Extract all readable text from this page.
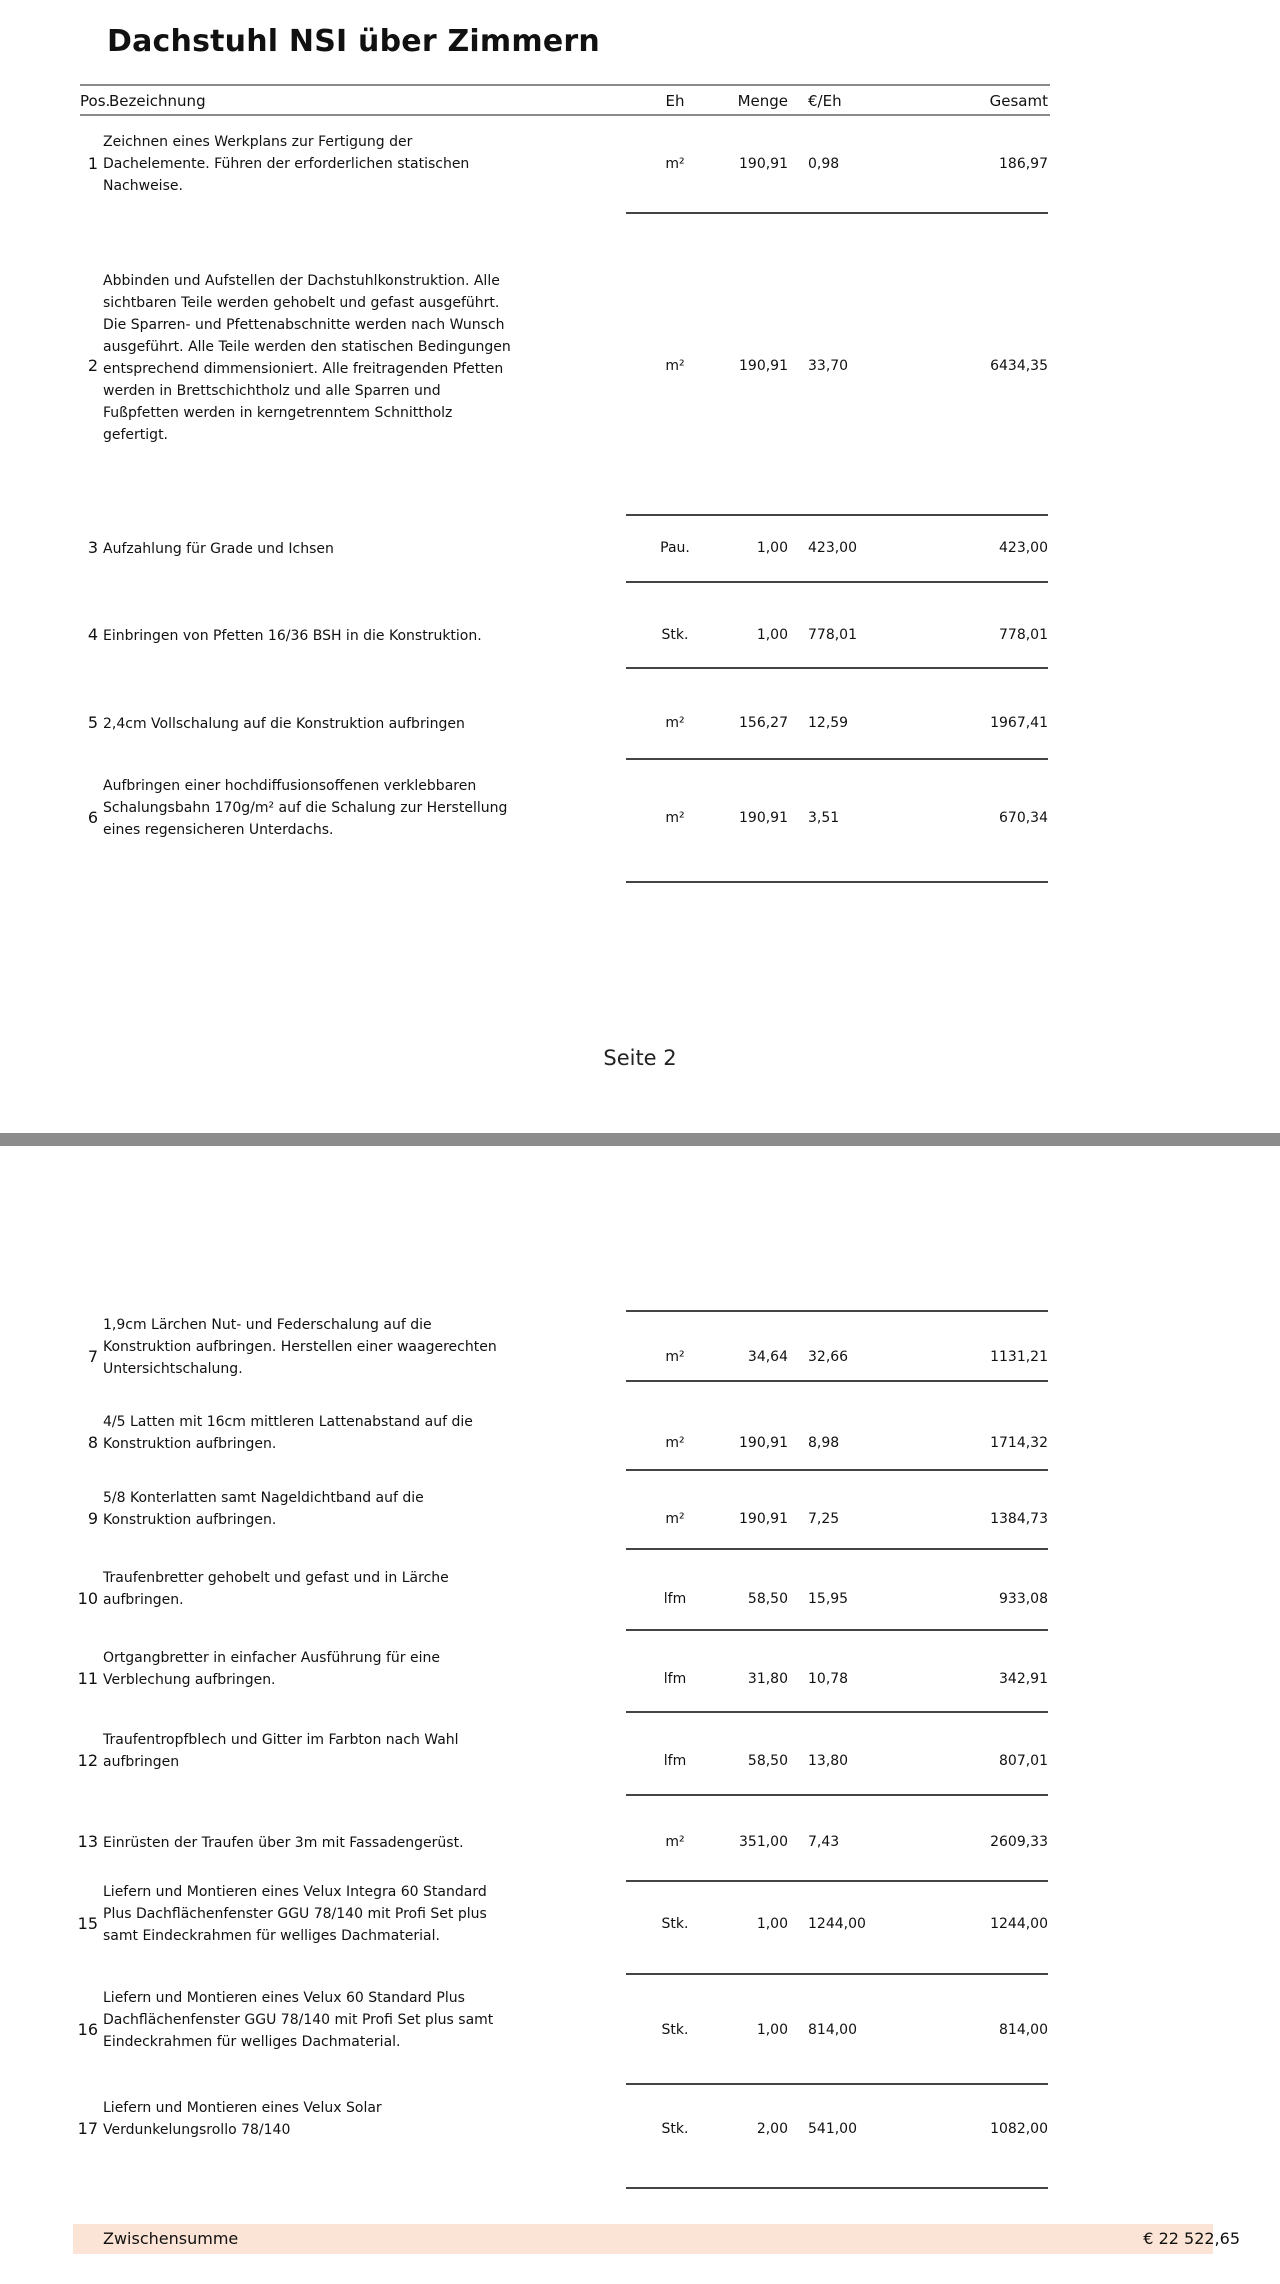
Dachstuhl NSI über Zimmern
Pos.
Bezeichnung	Eh	Menge €/Eh	Gesamt
1
Zeichnen eines Werkplans zur Fertigung der
Dachelemente. Führen der erforderlichen statischen
Nachweise.
m²	190,91 0,98	186,97
2
Abbinden und Aufstellen der Dachstuhlkonstruktion. Alle
sichtbaren Teile werden gehobelt und gefast ausgeführt.
Die Sparren- und Pfettenabschnitte werden nach Wunsch
ausgeführt. Alle Teile werden den statischen Bedingungen
entsprechend dimmensioniert. Alle freitragenden Pfetten
werden in Brettschichtholz und alle Sparren und
Fußpfetten werden in kerngetrenntem Schnittholz
gefertigt.
m²	190,91 33,70	6434,35
3 Aufzahlung für Grade und Ichsen	Pau.	1,00 423,00	423,00
4 Einbringen von Pfetten 16/36 BSH in die Konstruktion.	Stk.	1,00 778,01	778,01
5 2,4cm Vollschalung auf die Konstruktion aufbringen	m²	156,27 12,59	1967,41
6
Aufbringen einer hochdiffusionsoffenen verklebbaren
Schalungsbahn 170g/m² auf die Schalung zur Herstellung
eines regensicheren Unterdachs.
m²	190,91 3,51	670,34
7
1,9cm Lärchen Nut- und Federschalung auf die
Konstruktion aufbringen. Herstellen einer waagerechten
Untersichtschalung.
m²	34,64 32,66	1131,21
8
4/5 Latten mit 16cm mittleren Lattenabstand auf die
Konstruktion aufbringen.	m²	190,91 8,98	1714,32
9
5/8 Konterlatten samt Nageldichtband auf die
Konstruktion aufbringen.	m²	190,91 7,25	1384,73
10
Traufenbretter gehobelt und gefast und in Lärche
aufbringen.	lfm	58,50 15,95	933,08
11
Ortgangbretter in einfacher Ausführung für eine
Verblechung aufbringen.	lfm	31,80 10,78	342,91
12
Traufentropfblech und Gitter im Farbton nach Wahl
aufbringen	lfm	58,50 13,80	807,01
13 Einrüsten der Traufen über 3m mit Fassadengerüst.	m²	351,00 7,43	2609,33
15
Liefern und Montieren eines Velux Integra 60 Standard
Plus Dachflächenfenster GGU 78/140 mit Profi Set plus
samt Eindeckrahmen für welliges Dachmaterial.
Stk.	1,00 1244,00	1244,00
16
Liefern und Montieren eines Velux 60 Standard Plus
Dachflächenfenster GGU 78/140 mit Profi Set plus samt
Eindeckrahmen für welliges Dachmaterial.
Stk.	1,00 814,00	814,00
17
Liefern und Montieren eines Velux Solar
Verdunkelungsrollo 78/140	Stk.	2,00 541,00	1082,00
Seite 2
Zwischensumme	€ 22 522,65
